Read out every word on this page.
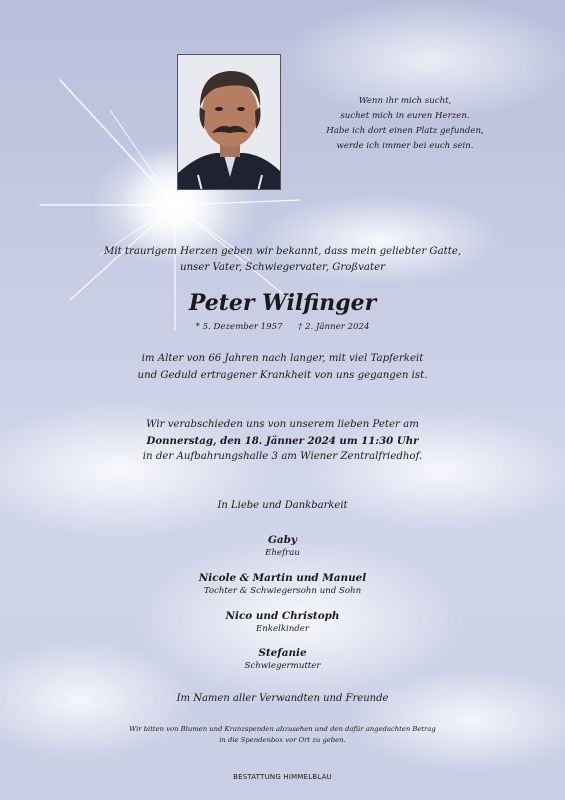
Wenn ihr mich sucht,
suchet mich in euren Herzen.
Habe ich dort einen Platz gefunden,
werde ich immer bei euch sein.
Mit traurigem Herzen geben wir bekannt, dass mein geliebter Gatte,
unser Vater, Schwiegervater, Großvater
Peter Wilfinger
* 5. Dezember 1957 † 2. Jänner 2024
im Alter von 66 Jahren nach langer, mit viel Tapferkeit
und Geduld ertragener Krankheit von uns gegangen ist.
Wir verabschieden uns von unserem lieben Peter am
Donnerstag, den 18. Jänner 2024 um 11:30 Uhr
in der Aufbahrungshalle 3 am Wiener Zentralfriedhof.
In Liebe und Dankbarkeit
Gaby
Ehefrau
Nicole & Martin und Manuel
Tochter & Schwiegersohn und Sohn
Nico und Christoph
Enkelkinder
Stefanie
Schwiegermutter
Im Namen aller Verwandten und Freunde
Wir bitten von Blumen und Kranzspenden abzusehen und den dafür angedachten Betrag
in die Spendenbox vor Ort zu geben.
BESTATTUNG HIMMELBLAU
